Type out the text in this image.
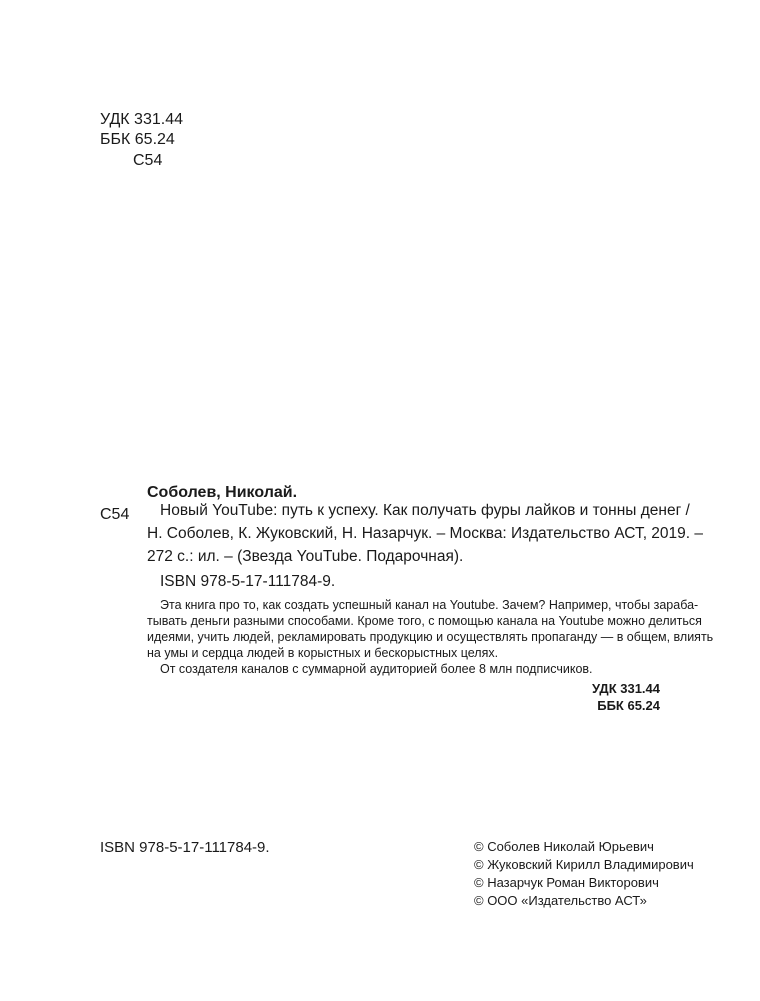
УДК 331.44
ББК 65.24
С54
Соболев, Николай.
С54 Новый YouTube: путь к успеху. Как получать фуры лайков и тонны денег /
Н. Соболев, К. Жуковский, Н. Назарчук. – Москва: Издательство АСТ, 2019. –
272 с.: ил. – (Звезда YouTube. Подарочная).
ISBN 978-5-17-111784-9.
Эта книга про то, как создать успешный канал на Youtube. Зачем? Например, чтобы зараба-
тывать деньги разными способами. Кроме того, с помощью канала на Youtube можно делиться
идеями, учить людей, рекламировать продукцию и осуществлять пропаганду — в общем, влиять
на умы и сердца людей в корыстных и бескорыстных целях.
От создателя каналов с суммарной аудиторией более 8 млн подписчиков.
УДК 331.44
ББК 65.24
ISBN 978-5-17-111784-9.	© Соболев Николай Юрьевич
© Жуковский Кирилл Владимирович
© Назарчук Роман Викторович
© ООО «Издательство АСТ»
